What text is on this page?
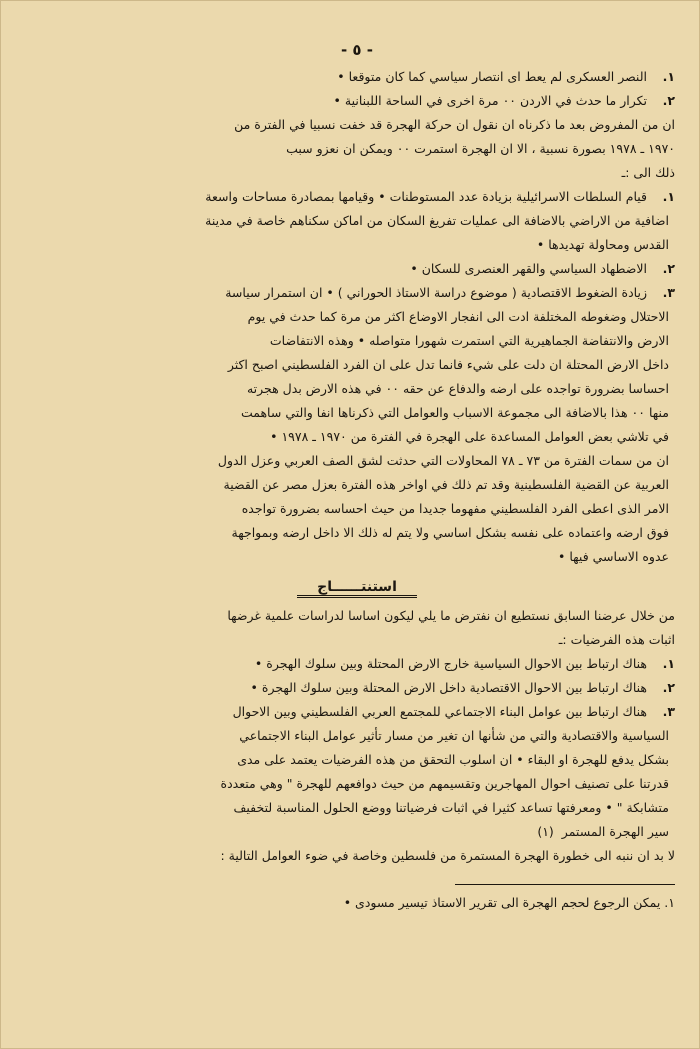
- ٥ -
١.
النصر العسكرى لم يعط اى انتصار سياسي كما كان متوقعا •
٢.
تكرار ما حدث في الاردن ٠٠ مرة اخرى في الساحة اللبنانية •
ان من المفروض بعد ما ذكرناه ان نقول ان حركة الهجرة قد خفت نسبيا في الفترة من
١٩٧٠ ـ ١٩٧٨ بصورة نسبية ، الا ان الهجرة استمرت ٠٠ ويمكن ان نعزو سبب
ذلك الى :ـ
١.
قيام السلطات الاسرائيلية بزيادة عدد المستوطنات • وقيامها بمصادرة مساحات واسعة
اضافية من الاراضي بالاضافة الى عمليات تفريغ السكان من اماكن سكناهم خاصة في مدينة
القدس ومحاولة تهديدها •
٢.
الاضطهاد السياسي والقهر العنصرى للسكان •
٣.
زيادة الضغوط الاقتصادية ( موضوع دراسة الاستاذ الحوراني ) • ان استمرار سياسة
الاحتلال وضغوطه المختلفة ادت الى انفجار الاوضاع اكثر من مرة كما حدث في يوم
الارض والانتفاضة الجماهيرية التي استمرت شهورا متواصله • وهذه الانتفاضات
داخل الارض المحتلة ان دلت على شيء فانما تدل على ان الفرد الفلسطيني اصبح اكثر
احساسا بضرورة تواجده على ارضه والدفاع عن حقه ٠٠ في هذه الارض بدل هجرته
منها ٠٠ هذا بالاضافة الى مجموعة الاسباب والعوامل التي ذكرناها انفا والتي ساهمت
في تلاشي بعض العوامل المساعدة على الهجرة في الفترة من ١٩٧٠ ـ ١٩٧٨ •
ان من سمات الفترة من ٧٣ ـ ٧٨ المحاولات التي حدثت لشق الصف العربي وعزل الدول
العربية عن القضية الفلسطينية وقد تم ذلك في اواخر هذه الفترة بعزل مصر عن القضية
الامر الذى اعطى الفرد الفلسطيني مفهوما جديدا من حيث احساسه بضرورة تواجده
فوق ارضه واعتماده على نفسه بشكل اساسي ولا يتم له ذلك الا داخل ارضه وبمواجهة
عدوه الاساسي فيها •
استنتــــــاج
من خلال عرضنا السابق نستطيع ان نفترض ما يلي ليكون اساسا لدراسات علمية غرضها
اثبات هذه الفرضيات :ـ
١.
هناك ارتباط بين الاحوال السياسية خارج الارض المحتلة وبين سلوك الهجرة •
٢.
هناك ارتباط بين الاحوال الاقتصادية داخل الارض المحتلة وبين سلوك الهجرة •
٣.
هناك ارتباط بين عوامل البناء الاجتماعي للمجتمع العربي الفلسطيني وبين الاحوال
السياسية والاقتصادية والتي من شأنها ان تغير من مسار تأثير عوامل البناء الاجتماعي
بشكل يدفع للهجرة او البقاء • ان اسلوب التحقق من هذه الفرضيات يعتمد على مدى
قدرتنا على تصنيف احوال المهاجرين وتقسيمهم من حيث دوافعهم للهجرة " وهي متعددة
متشابكة " • ومعرفتها تساعد كثيرا في اثبات فرضياتنا ووضع الحلول المناسبة لتخفيف
سير الهجرة المستمر (١)
لا بد ان ننبه الى خطورة الهجرة المستمرة من فلسطين وخاصة في ضوء العوامل التالية :
١. يمكن الرجوع لحجم الهجرة الى تقرير الاستاذ تيسير مسودى •
